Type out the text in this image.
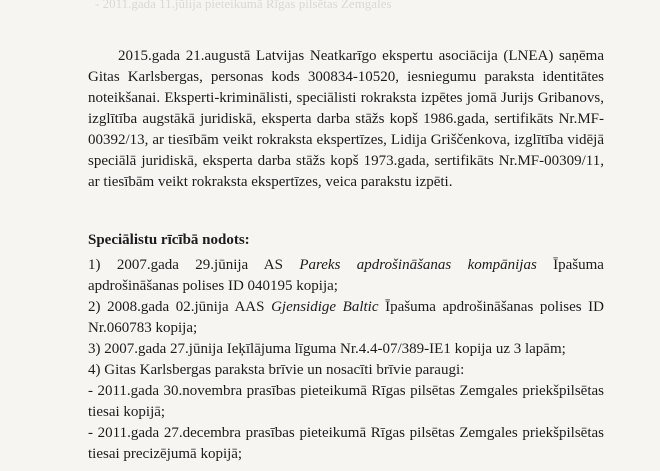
- 2011.gada 11.jūlija pieteikumā Rīgas pilsētas Zemgales

2015.gada 21.augustā Latvijas Neatkarīgo ekspertu asociācija (LNEA) saņēma Gitas Karlsbergas, personas kods 300834-10520, iesniegumu paraksta identitātes noteikšanai. Eksperti-kriminālisti, speciālisti rokraksta izpētes jomā Jurijs Gribanovs, izglītība augstākā juridiskā, eksperta darba stāžs kopš 1986.gada, sertifikāts Nr.MF-00392/13, ar tiesībām veikt rokraksta ekspertīzes, Lidija Griščenkova, izglītība vidējā speciālā juridiskā, eksperta darba stāžs kopš 1973.gada, sertifikāts Nr.MF-00309/11, ar tiesībām veikt rokraksta ekspertīzes, veica parakstu izpēti.

Speciālistu rīcībā nodots:

1) 2007.gada 29.jūnija AS Pareks apdrošināšanas kompānijas Īpašuma apdrošināšanas polises ID 040195 kopija;
2) 2008.gada 02.jūnija AAS Gjensidige Baltic Īpašuma apdrošināšanas polises ID Nr.060783 kopija;
3) 2007.gada 27.jūnija Ieķīlājuma līguma Nr.4.4-07/389-IE1 kopija uz 3 lapām;
4) Gitas Karlsbergas paraksta brīvie un nosacīti brīvie paraugi:
- 2011.gada 30.novembra prasības pieteikumā Rīgas pilsētas Zemgales priekšpilsētas tiesai kopijā;
- 2011.gada 27.decembra prasības pieteikumā Rīgas pilsētas Zemgales priekšpilsētas tiesai precizējumā kopijā;
